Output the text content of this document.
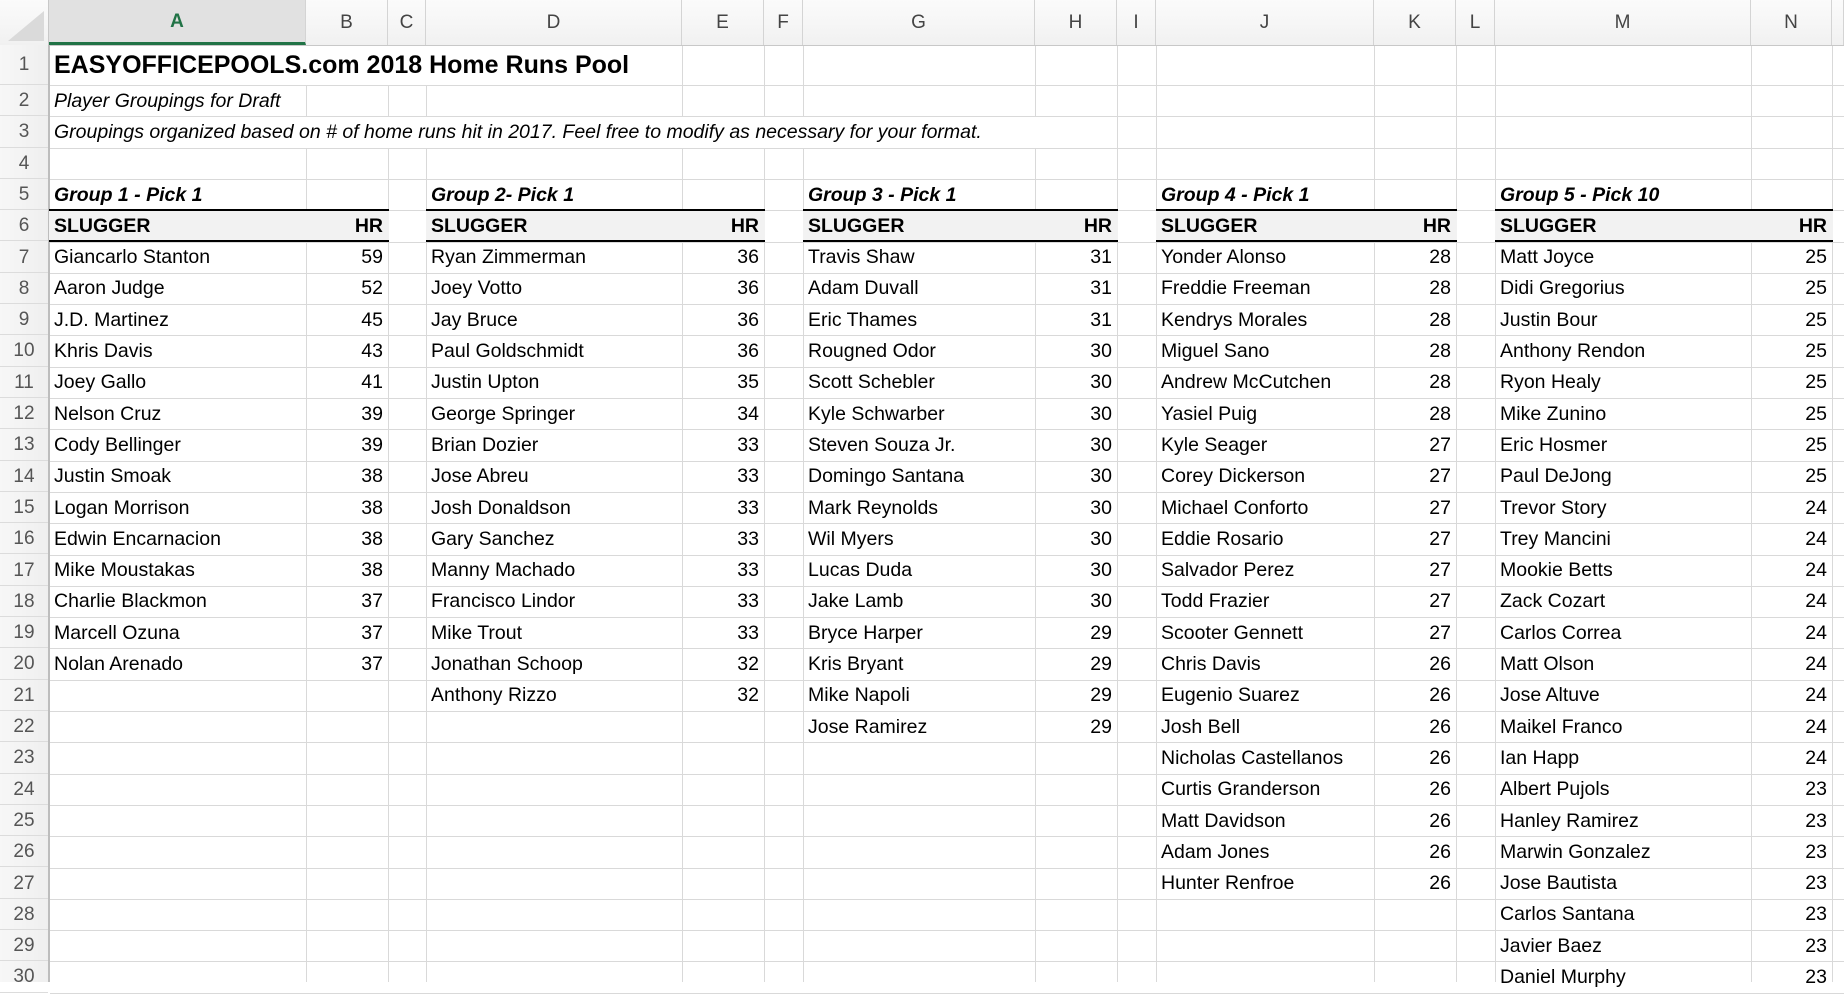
A	B	C	D	E	F	G	H	I	J	K	L	M	N
1
2
3
4
5
6
7
8
9
10
11
12
13
14
15
16
17
18
19
20
21
22
23
24
25
26
27
28
29
30
EASYOFFICEPOOLS.com 2018 Home Runs Pool
Player Groupings for Draft
Groupings organized based on # of home runs hit in 2017. Feel free to modify as necessary for your format.
Group 1 - Pick 1
SLUGGER	HR
Giancarlo Stanton	59
Aaron Judge	52
J.D. Martinez	45
Khris Davis	43
Joey Gallo	41
Nelson Cruz	39
Cody Bellinger	39
Justin Smoak	38
Logan Morrison	38
Edwin Encarnacion	38
Mike Moustakas	38
Charlie Blackmon	37
Marcell Ozuna	37
Nolan Arenado	37
Group 2- Pick 1
SLUGGER	HR
Ryan Zimmerman	36
Joey Votto	36
Jay Bruce	36
Paul Goldschmidt	36
Justin Upton	35
George Springer	34
Brian Dozier	33
Jose Abreu	33
Josh Donaldson	33
Gary Sanchez	33
Manny Machado	33
Francisco Lindor	33
Mike Trout	33
Jonathan Schoop	32
Anthony Rizzo	32
Group 3 - Pick 1
SLUGGER	HR
Travis Shaw	31
Adam Duvall	31
Eric Thames	31
Rougned Odor	30
Scott Schebler	30
Kyle Schwarber	30
Steven Souza Jr.	30
Domingo Santana	30
Mark Reynolds	30
Wil Myers	30
Lucas Duda	30
Jake Lamb	30
Bryce Harper	29
Kris Bryant	29
Mike Napoli	29
Jose Ramirez	29
Group 4 - Pick 1
SLUGGER	HR
Yonder Alonso	28
Freddie Freeman	28
Kendrys Morales	28
Miguel Sano	28
Andrew McCutchen	28
Yasiel Puig	28
Kyle Seager	27
Corey Dickerson	27
Michael Conforto	27
Eddie Rosario	27
Salvador Perez	27
Todd Frazier	27
Scooter Gennett	27
Chris Davis	26
Eugenio Suarez	26
Josh Bell	26
Nicholas Castellanos	26
Curtis Granderson	26
Matt Davidson	26
Adam Jones	26
Hunter Renfroe	26
Group 5 - Pick 10
SLUGGER	HR
Matt Joyce	25
Didi Gregorius	25
Justin Bour	25
Anthony Rendon	25
Ryon Healy	25
Mike Zunino	25
Eric Hosmer	25
Paul DeJong	25
Trevor Story	24
Trey Mancini	24
Mookie Betts	24
Zack Cozart	24
Carlos Correa	24
Matt Olson	24
Jose Altuve	24
Maikel Franco	24
Ian Happ	24
Albert Pujols	23
Hanley Ramirez	23
Marwin Gonzalez	23
Jose Bautista	23
Carlos Santana	23
Javier Baez	23
Daniel Murphy	23
